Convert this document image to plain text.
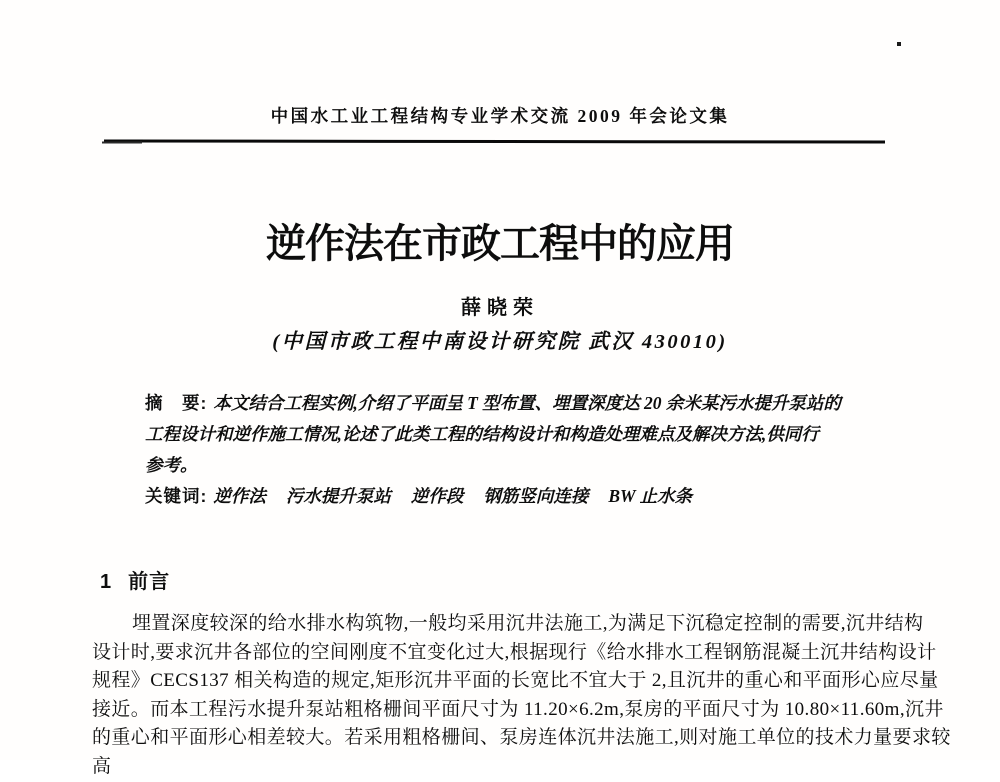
中国水工业工程结构专业学术交流 2009 年会论文集
逆作法在市政工程中的应用
薛晓荣
(中国市政工程中南设计研究院 武汉 430010)
摘　要: 本文结合工程实例,介绍了平面呈 T 型布置、埋置深度达 20 余米某污水提升泵站的
工程设计和逆作施工情况,论述了此类工程的结构设计和构造处理难点及解决方法,供同行
参考。
关键词: 逆作法 污水提升泵站 逆作段 钢筋竖向连接 BW 止水条
1 前言
埋置深度较深的给水排水构筑物,一般均采用沉井法施工,为满足下沉稳定控制的需要,沉井结构
设计时,要求沉井各部位的空间刚度不宜变化过大,根据现行《给水排水工程钢筋混凝土沉井结构设计
规程》CECS137 相关构造的规定,矩形沉井平面的长宽比不宜大于 2,且沉井的重心和平面形心应尽量
接近。而本工程污水提升泵站粗格栅间平面尺寸为 11.20×6.2m,泵房的平面尺寸为 10.80×11.60m,沉井
的重心和平面形心相差较大。若采用粗格栅间、泵房连体沉井法施工,则对施工单位的技术力量要求较
高
